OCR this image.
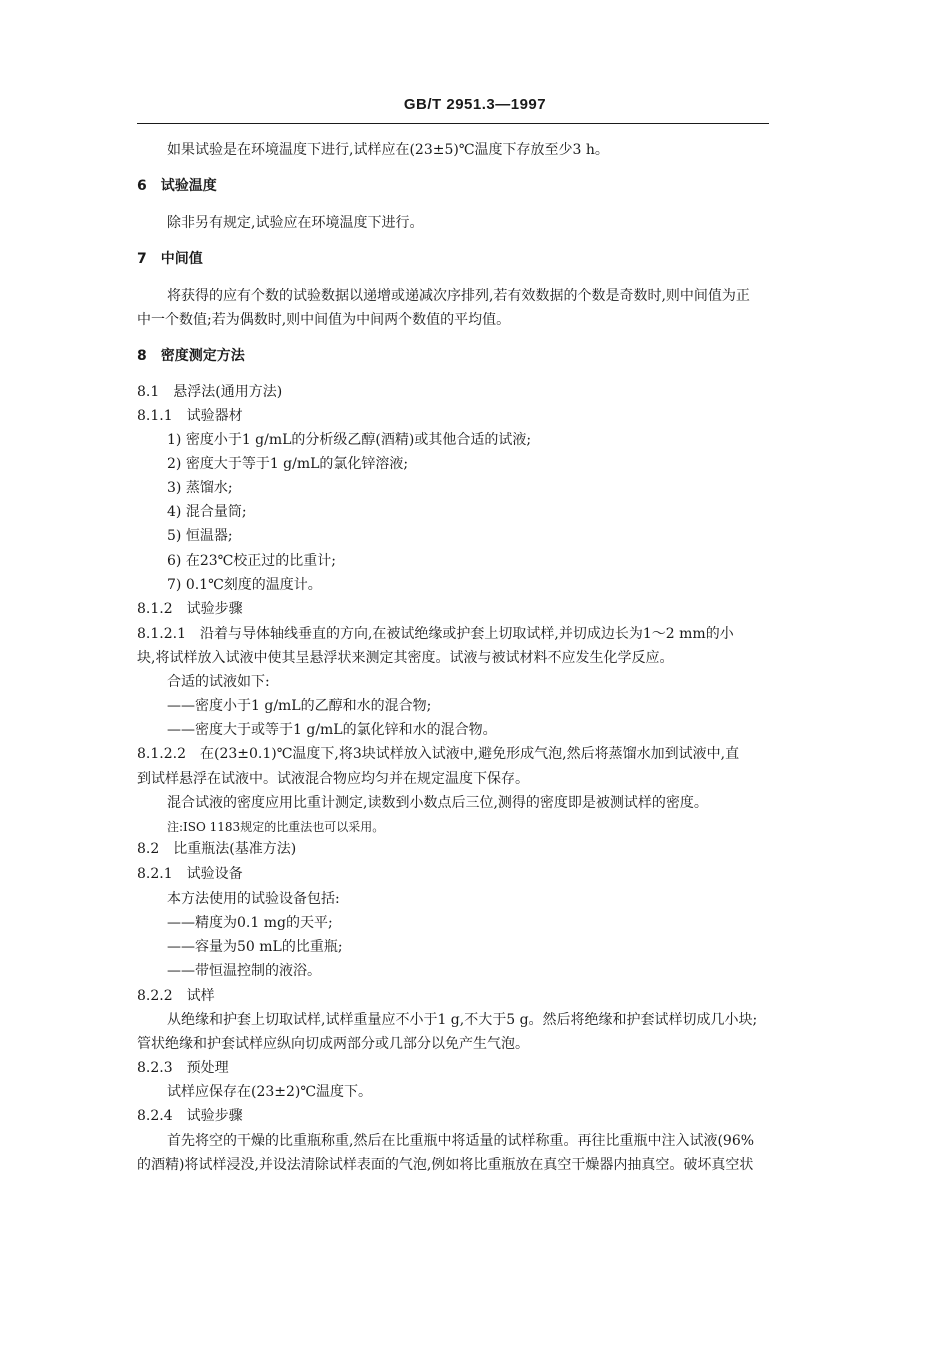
GB/T 2951.3—1997
如果试验是在环境温度下进行,试样应在(23±5)℃温度下存放至少3 h。
6　试验温度
除非另有规定,试验应在环境温度下进行。
7　中间值
将获得的应有个数的试验数据以递增或递减次序排列,若有效数据的个数是奇数时,则中间值为正
中一个数值;若为偶数时,则中间值为中间两个数值的平均值。
8　密度测定方法
8.1　悬浮法(通用方法)
8.1.1　试验器材
1) 密度小于1 g/mL的分析级乙醇(酒精)或其他合适的试液;
2) 密度大于等于1 g/mL的氯化锌溶液;
3) 蒸馏水;
4) 混合量筒;
5) 恒温器;
6) 在23℃校正过的比重计;
7) 0.1℃刻度的温度计。
8.1.2　试验步骤
8.1.2.1　沿着与导体轴线垂直的方向,在被试绝缘或护套上切取试样,并切成边长为1～2 mm的小
块,将试样放入试液中使其呈悬浮状来测定其密度。试液与被试材料不应发生化学反应。
合适的试液如下:
——密度小于1 g/mL的乙醇和水的混合物;
——密度大于或等于1 g/mL的氯化锌和水的混合物。
8.1.2.2　在(23±0.1)℃温度下,将3块试样放入试液中,避免形成气泡,然后将蒸馏水加到试液中,直
到试样悬浮在试液中。试液混合物应均匀并在规定温度下保存。
混合试液的密度应用比重计测定,读数到小数点后三位,测得的密度即是被测试样的密度。
注:ISO 1183规定的比重法也可以采用。
8.2　比重瓶法(基准方法)
8.2.1　试验设备
本方法使用的试验设备包括:
——精度为0.1 mg的天平;
——容量为50 mL的比重瓶;
——带恒温控制的液浴。
8.2.2　试样
从绝缘和护套上切取试样,试样重量应不小于1 g,不大于5 g。然后将绝缘和护套试样切成几小块;
管状绝缘和护套试样应纵向切成两部分或几部分以免产生气泡。
8.2.3　预处理
试样应保存在(23±2)℃温度下。
8.2.4　试验步骤
首先将空的干燥的比重瓶称重,然后在比重瓶中将适量的试样称重。再往比重瓶中注入试液(96%
的酒精)将试样浸没,并设法清除试样表面的气泡,例如将比重瓶放在真空干燥器内抽真空。破坏真空状
